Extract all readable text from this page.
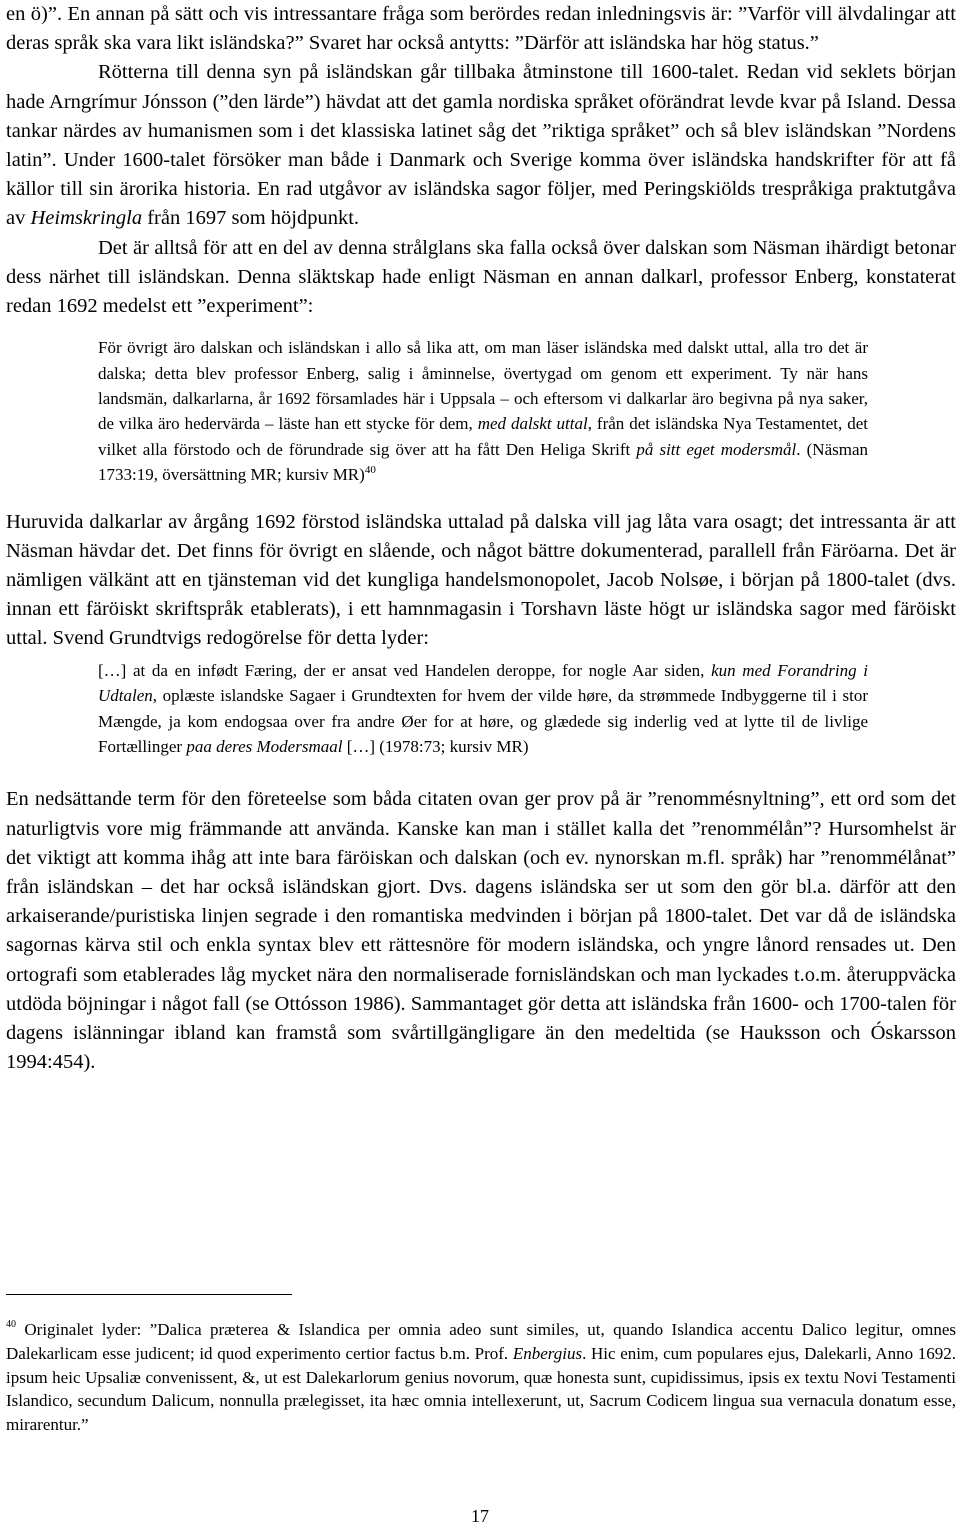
en ö)”. En annan på sätt och vis intressantare fråga som berördes redan inledningsvis är: ”Varför vill älvdalingar att deras språk ska vara likt isländska?” Svaret har också antytts: ”Därför att isländska har hög status.”

Rötterna till denna syn på isländskan går tillbaka åtminstone till 1600-talet. Redan vid seklets början hade Arngrímur Jónsson (”den lärde”) hävdat att det gamla nordiska språket oförändrat levde kvar på Island. Dessa tankar närdes av humanismen som i det klassiska latinet såg det ”riktiga språket” och så blev isländskan ”Nordens latin”. Under 1600-talet försöker man både i Danmark och Sverige komma över isländska handskrifter för att få källor till sin ärorika historia. En rad utgåvor av isländska sagor följer, med Peringskiölds trespråkiga praktutgåva av Heimskringla från 1697 som höjdpunkt.

Det är alltså för att en del av denna strålglans ska falla också över dalskan som Näsman ihärdigt betonar dess närhet till isländskan. Denna släktskap hade enligt Näsman en annan dalkarl, professor Enberg, konstaterat redan 1692 medelst ett ”experiment”:

För övrigt äro dalskan och isländskan i allo så lika att, om man läser isländska med dalskt uttal, alla tro det är dalska; detta blev professor Enberg, salig i åminnelse, övertygad om genom ett experiment. Ty när hans landsmän, dalkarlarna, år 1692 församlades här i Uppsala – och eftersom vi dalkarlar äro begivna på nya saker, de vilka äro hedervärda – läste han ett stycke för dem, med dalskt uttal, från det isländska Nya Testamentet, det vilket alla förstodo och de förundrade sig över att ha fått Den Heliga Skrift på sitt eget modersmål. (Näsman 1733:19, översättning MR; kursiv MR)$^{40}$

Huruvida dalkarlar av årgång 1692 förstod isländska uttalad på dalska vill jag låta vara osagt; det intressanta är att Näsman hävdar det. Det finns för övrigt en slående, och något bättre dokumenterad, parallell från Färöarna. Det är nämligen välkänt att en tjänsteman vid det kungliga handelsmonopolet, Jacob Nolsøe, i början på 1800-talet (dvs. innan ett färöiskt skriftspråk etablerats), i ett hamnmagasin i Torshavn läste högt ur isländska sagor med färöiskt uttal. Svend Grundtvigs redogörelse för detta lyder:

[…] at da en infødt Færing, der er ansat ved Handelen deroppe, for nogle Aar siden, kun med Forandring i Udtalen, oplæste islandske Sagaer i Grundtexten for hvem der vilde høre, da strømmede Indbyggerne til i stor Mængde, ja kom endogsaa over fra andre Øer for at høre, og glædede sig inderlig ved at lytte til de livlige Fortællinger paa deres Modersmaal […] (1978:73; kursiv MR)

En nedsättande term för den företeelse som båda citaten ovan ger prov på är ”renommésnyltning”, ett ord som det naturligtvis vore mig främmande att använda. Kanske kan man i stället kalla det ”renommélån”? Hursomhelst är det viktigt att komma ihåg att inte bara färöiskan och dalskan (och ev. nynorskan m.fl. språk) har ”renommélånat” från isländskan – det har också isländskan gjort. Dvs. dagens isländska ser ut som den gör bl.a. därför att den arkaiserande/puristiska linjen segrade i den romantiska medvinden i början på 1800-talet. Det var då de isländska sagornas kärva stil och enkla syntax blev ett rättesnöre för modern isländska, och yngre lånord rensades ut. Den ortografi som etablerades låg mycket nära den normaliserade fornisländskan och man lyckades t.o.m. återuppväcka utdöda böjningar i något fall (se Ottósson 1986). Sammantaget gör detta att isländska från 1600- och 1700-talen för dagens islänningar ibland kan framstå som svårtillgängligare än den medeltida (se Hauksson och Óskarsson 1994:454).

$^{40}$ Originalet lyder: ”Dalica præterea & Islandica per omnia adeo sunt similes, ut, quando Islandica accentu Dalico legitur, omnes Dalekarlicam esse judicent; id quod experimento certior factus b.m. Prof. Enbergius. Hic enim, cum populares ejus, Dalekarli, Anno 1692. ipsum heic Upsaliæ convenissent, &, ut est Dalekarlorum genius novorum, quæ honesta sunt, cupidissimus, ipsis ex textu Novi Testamenti Islandico, secundum Dalicum, nonnulla prælegisset, ita hæc omnia intellexerunt, ut, Sacrum Codicem lingua sua vernacula donatum esse, mirarentur.”

17
